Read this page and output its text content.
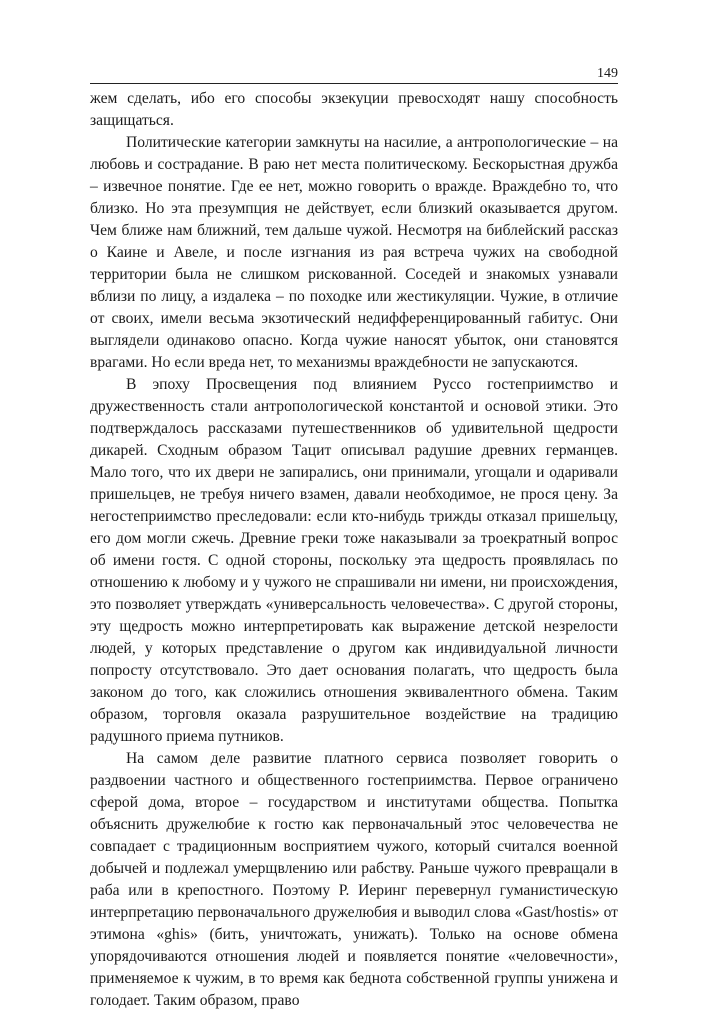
149

жем сделать, ибо его способы экзекуции превосходят нашу способность защищаться.

Политические категории замкнуты на насилие, а антропологические – на любовь и сострадание. В раю нет места политическому. Бескорыстная дружба – извечное понятие. Где ее нет, можно говорить о вражде. Враждебно то, что близко. Но эта презумпция не действует, если близкий оказывается другом. Чем ближе нам ближний, тем дальше чужой. Несмотря на библейский рассказ о Каине и Авеле, и после изгнания из рая встреча чужих на свободной территории была не слишком рискованной. Соседей и знакомых узнавали вблизи по лицу, а издалека – по походке или жестикуляции. Чужие, в отличие от своих, имели весьма экзотический недифференцированный габитус. Они выглядели одинаково опасно. Когда чужие наносят убыток, они становятся врагами. Но если вреда нет, то механизмы враждебности не запускаются.

В эпоху Просвещения под влиянием Руссо гостеприимство и дружественность стали антропологической константой и основой этики. Это подтверждалось рассказами путешественников об удивительной щедрости дикарей. Сходным образом Тацит описывал радушие древних германцев. Мало того, что их двери не запирались, они принимали, угощали и одаривали пришельцев, не требуя ничего взамен, давали необходимое, не прося цену. За негостеприимство преследовали: если кто-нибудь трижды отказал пришельцу, его дом могли сжечь. Древние греки тоже наказывали за троекратный вопрос об имени гостя. С одной стороны, поскольку эта щедрость проявлялась по отношению к любому и у чужого не спрашивали ни имени, ни происхождения, это позволяет утверждать «универсальность человечества». С другой стороны, эту щедрость можно интерпретировать как выражение детской незрелости людей, у которых представление о другом как индивидуальной личности попросту отсутствовало. Это дает основания полагать, что щедрость была законом до того, как сложились отношения эквивалентного обмена. Таким образом, торговля оказала разрушительное воздействие на традицию радушного приема путников.

На самом деле развитие платного сервиса позволяет говорить о раздвоении частного и общественного гостеприимства. Первое ограничено сферой дома, второе – государством и институтами общества. Попытка объяснить дружелюбие к гостю как первоначальный этос человечества не совпадает с традиционным восприятием чужого, который считался военной добычей и подлежал умерщвлению или рабству. Раньше чужого превращали в раба или в крепостного. Поэтому Р. Иеринг перевернул гуманистическую интерпретацию первоначального дружелюбия и выводил слова «Gast/hostis» от этимона «ghis» (бить, уничтожать, унижать). Только на основе обмена упорядочиваются отношения людей и появляется понятие «человечности», применяемое к чужим, в то время как беднота собственной группы унижена и голодает. Таким образом, право
